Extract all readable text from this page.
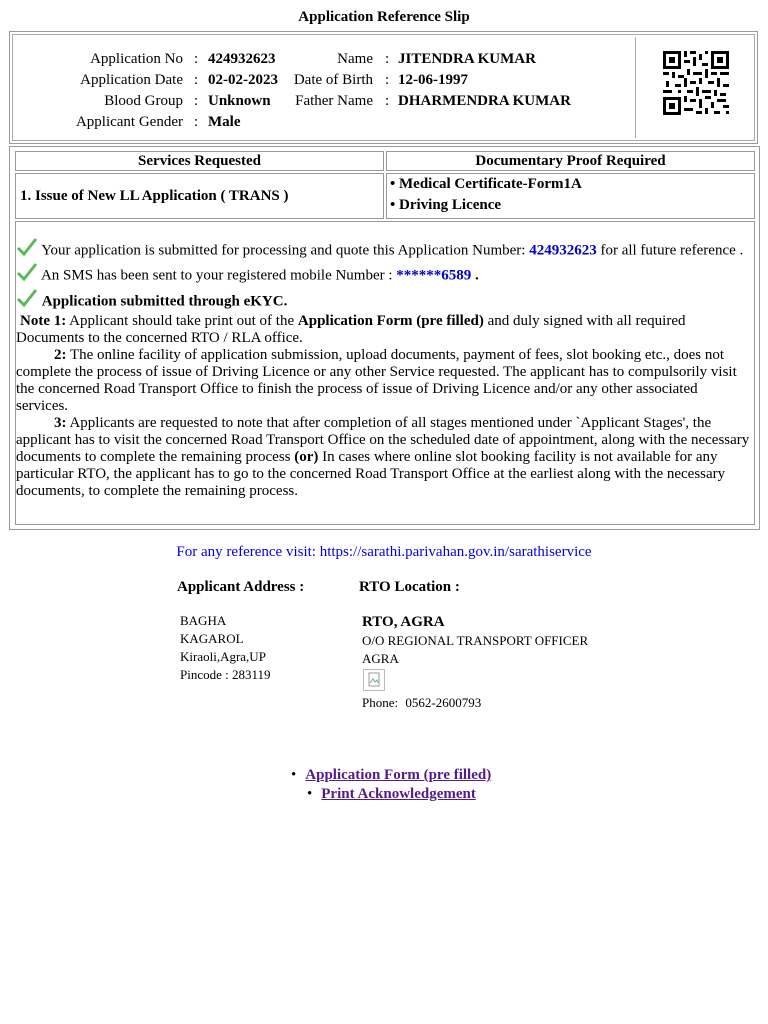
Application Reference Slip
Application No : 424932623
Application Date : 02-02-2023
Blood Group : Unknown
Applicant Gender : Male
Name : JITENDRA KUMAR
Date of Birth : 12-06-1997
Father Name : DHARMENDRA KUMAR
Services Requested	Documentary Proof Required
1. Issue of New LL Application ( TRANS )
• Medical Certificate-Form1A
• Driving Licence
Your application is submitted for processing and quote this Application Number: 424932623 for all future reference .
An SMS has been sent to your registered mobile Number : ******6589 .
Application submitted through eKYC.
Note 1: Applicant should take print out of the Application Form (pre filled) and duly signed with all required Documents to the concerned RTO / RLA office.
2: The online facility of application submission, upload documents, payment of fees, slot booking etc., does not complete the process of issue of Driving Licence or any other Service requested. The applicant has to compulsorily visit the concerned Road Transport Office to finish the process of issue of Driving Licence and/or any other associated services.
3: Applicants are requested to note that after completion of all stages mentioned under `Applicant Stages', the applicant has to visit the concerned Road Transport Office on the scheduled date of appointment, along with the necessary documents to complete the remaining process (or) In cases where online slot booking facility is not available for any particular RTO, the applicant has to go to the concerned Road Transport Office at the earliest along with the necessary documents, to complete the remaining process.
For any reference visit: https://sarathi.parivahan.gov.in/sarathiservice
Applicant Address :	RTO Location :
BAGHA
KAGAROL
Kiraoli,Agra,UP
Pincode : 283119
RTO, AGRA
O/O REGIONAL TRANSPORT OFFICER
AGRA
Phone: 0562-2600793
• Application Form (pre filled)
• Print Acknowledgement
